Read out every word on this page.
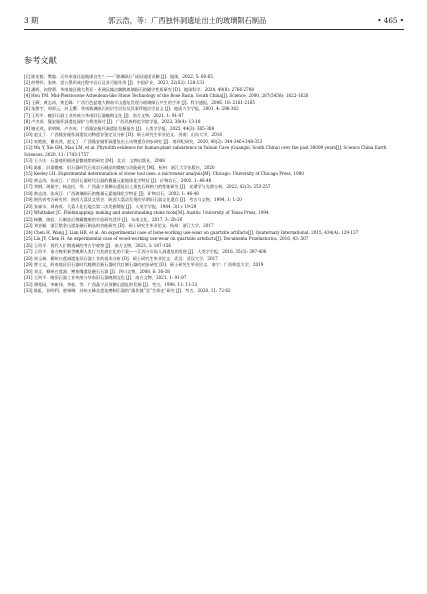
3 期	郭云浩，等：广西独怀洞遗址出土的玻璃陨石制品	• 465 •
参考文献
[1] 陈宏毅，樊聪．天外来客还是地球自生？——“玻璃陨石”成因谜团详解 [J]．地球，2022, 5: 60-65
[2] 何赞怀，张林．雷公墨形成过程中岩石及其可能作用 [J]．中国矿业，2023, 32(S2): 128-131
[3] 潘晖，何智勇．华南地区澳大利亚 - 亚洲远撞击飘散玻璃陨石的磁学性质研究 [D]．地球科学，2024, 49(8): 2766-2788
[4] Hou YM. Mid-Pleistocene Acheulean-like Stone Technology of the Bose Basin, South China[J]. Science, 2000, 287(5458): 1622-1626
[5] 王颜，黄志涛，黄艺峰．广西百色盆地大梅南半山遗址发现与玻璃陨石共生的手斧 [J]．科学通报，2006, 18: 2161-2165
[6] 朱甜宇，周厚云，苏玉樱．华南玻璃陨石的层生层位及其事件地层学意义 [J]．地质力学学报，2001, 4: 296-302
[7] 王幼平．晚旧石器工业传统与华南旧石器晚期文化 [J]．南方文物，2021, 1: 91-97
[8] 卢杰英．隆安娅怀洞遗址保护与利用探讨 [J]．广西民族师范学院学报，2023, 38(4): 13-18
[9] 谢光茂，余明辉，卢杰英．广西隆安娅怀洞遗址发掘报告 [J]．人类学学报，2025, 44(3): 365-388
[10] 赵文丁．广西隆安娅怀洞遗址动物遗存鉴定及分析 [D]．硕士研究生毕业论文．济南：山东大学，2018
[11] 宋艳波，谢光茂，赵文丁．广西隆安娅怀洞遗址出土动物遗存初步研究 [J]．第四纪研究，2020, 40(2): 344-346+348-353
[12] Wu Y, Xie GM, Mao LM, et al. Phytolith evidence for human-plant subsistence in Yaluan Cave (Guangxi, South China) over the past 30000 years[J]. Science China Earth Sciences, 2020, 11: 1743-1757
[13] 王小庆．石器使用痕迹显微观察的研究 [M]．北京：文物出版社，2008
[14] 陈虹．旧器微痕：旧石器时代石英岩石制品的微痕与功能研究 [M]．杭州：浙江大学出版社，2020
[15] Keeley LH. Experimental determination of stone tool uses: a microwear analysis[M]. Chicago: University of Chicago Press, 1980
[16] 黄志涛，张成江．广西旧石器时代石器的微量元素地球化学特征 [J]．矿物岩石，2002, 1: 46-48
[17] 李钢，周振宇，杨益民，等．广西晶宁顶狮山遗址出土黑色石料格刀的性能研究 [J]．光谱学与光谱分析，2022, 42(3): 253-257
[18] 黄志涛，张成江．广西玻璃陨石的微量元素地球化学特征 [J]．矿物岩石，2002, 1: 46-48
[19] 陕西省考古研究所．陕西大荔县文管会．陕西大荔县发现的早期旧石器文化遗存 [J]．考古与文物，1994, 1: 1-20
[20] 张森水，周春茂．大荔人化石地点第二次发掘简报 [J]．人类学学报，1984, 3(1): 19-29
[21] Whittaker JC. Flintknapping: making and understanding stone tools[M]. Austin: University of Texas Press, 1994
[22] 杨鹏，陈虹．石制品后埋藏微痕的实验研究述评 [J]．东南文化，2017, 3: 20-26
[23] 刘音颖．浙江紫金山遗址磁石制品的功能研究 [D]．硕士研究生毕业论文．杭州：浙江大学，2017
[24] Chen H, Wang J, Lian HR, et al. An experimental case of bone-working use-wear on quartzite artifacts[J]. Quaternary International, 2015, 434(A): 129-137
[25] Liu JY, Chen H. An experimental case of wood-working use-wear on quartzite artefacts[J]. Documenta Praehistorica, 2016, 43: 507
[26] 王幼平．现代人扩散视域的考古学观察 [J]．南方文物，2023, 3: 147-156
[27] 王幼平．南方晚更新世晚期人类行为发展在化的个案——江西万年仙人洞遗址的发现 [J]．人类学学报，2016, 35(3): 397-406
[28] 周玉端．柳州白莲洞遗址旧石器工业的技术分析 [D]．硕士研究生毕业论文．武汉：武汉大学，2017
[29] 曾立文，岭南地区旧石器时代晚期至新石器时代打制石器的初步研究 [D]．硕士研究生毕业论文．南宁：广西师范大学，2019
[30] 刘文．柳州白莲洞、鲤鱼嘴遗址磁石石器 [J]．四川文物，2008, 6: 36-38
[31] 王幼平．晚旧石器工业传统与华南旧石器晚期文化 [J]．南方文物，2021, 1: 91-97
[32] 谭苑园，李新伟，李桂，等．广西晶宁县顶狮山遗址的发掘 [J]．考古，1998, 11: 11-33
[33] 陈虹，孙明利，唐锡琳．苏州五峰北遗址磨制石器的“操作链”及“生命史”研究 [J]．考古，2020, 11: 72-82
